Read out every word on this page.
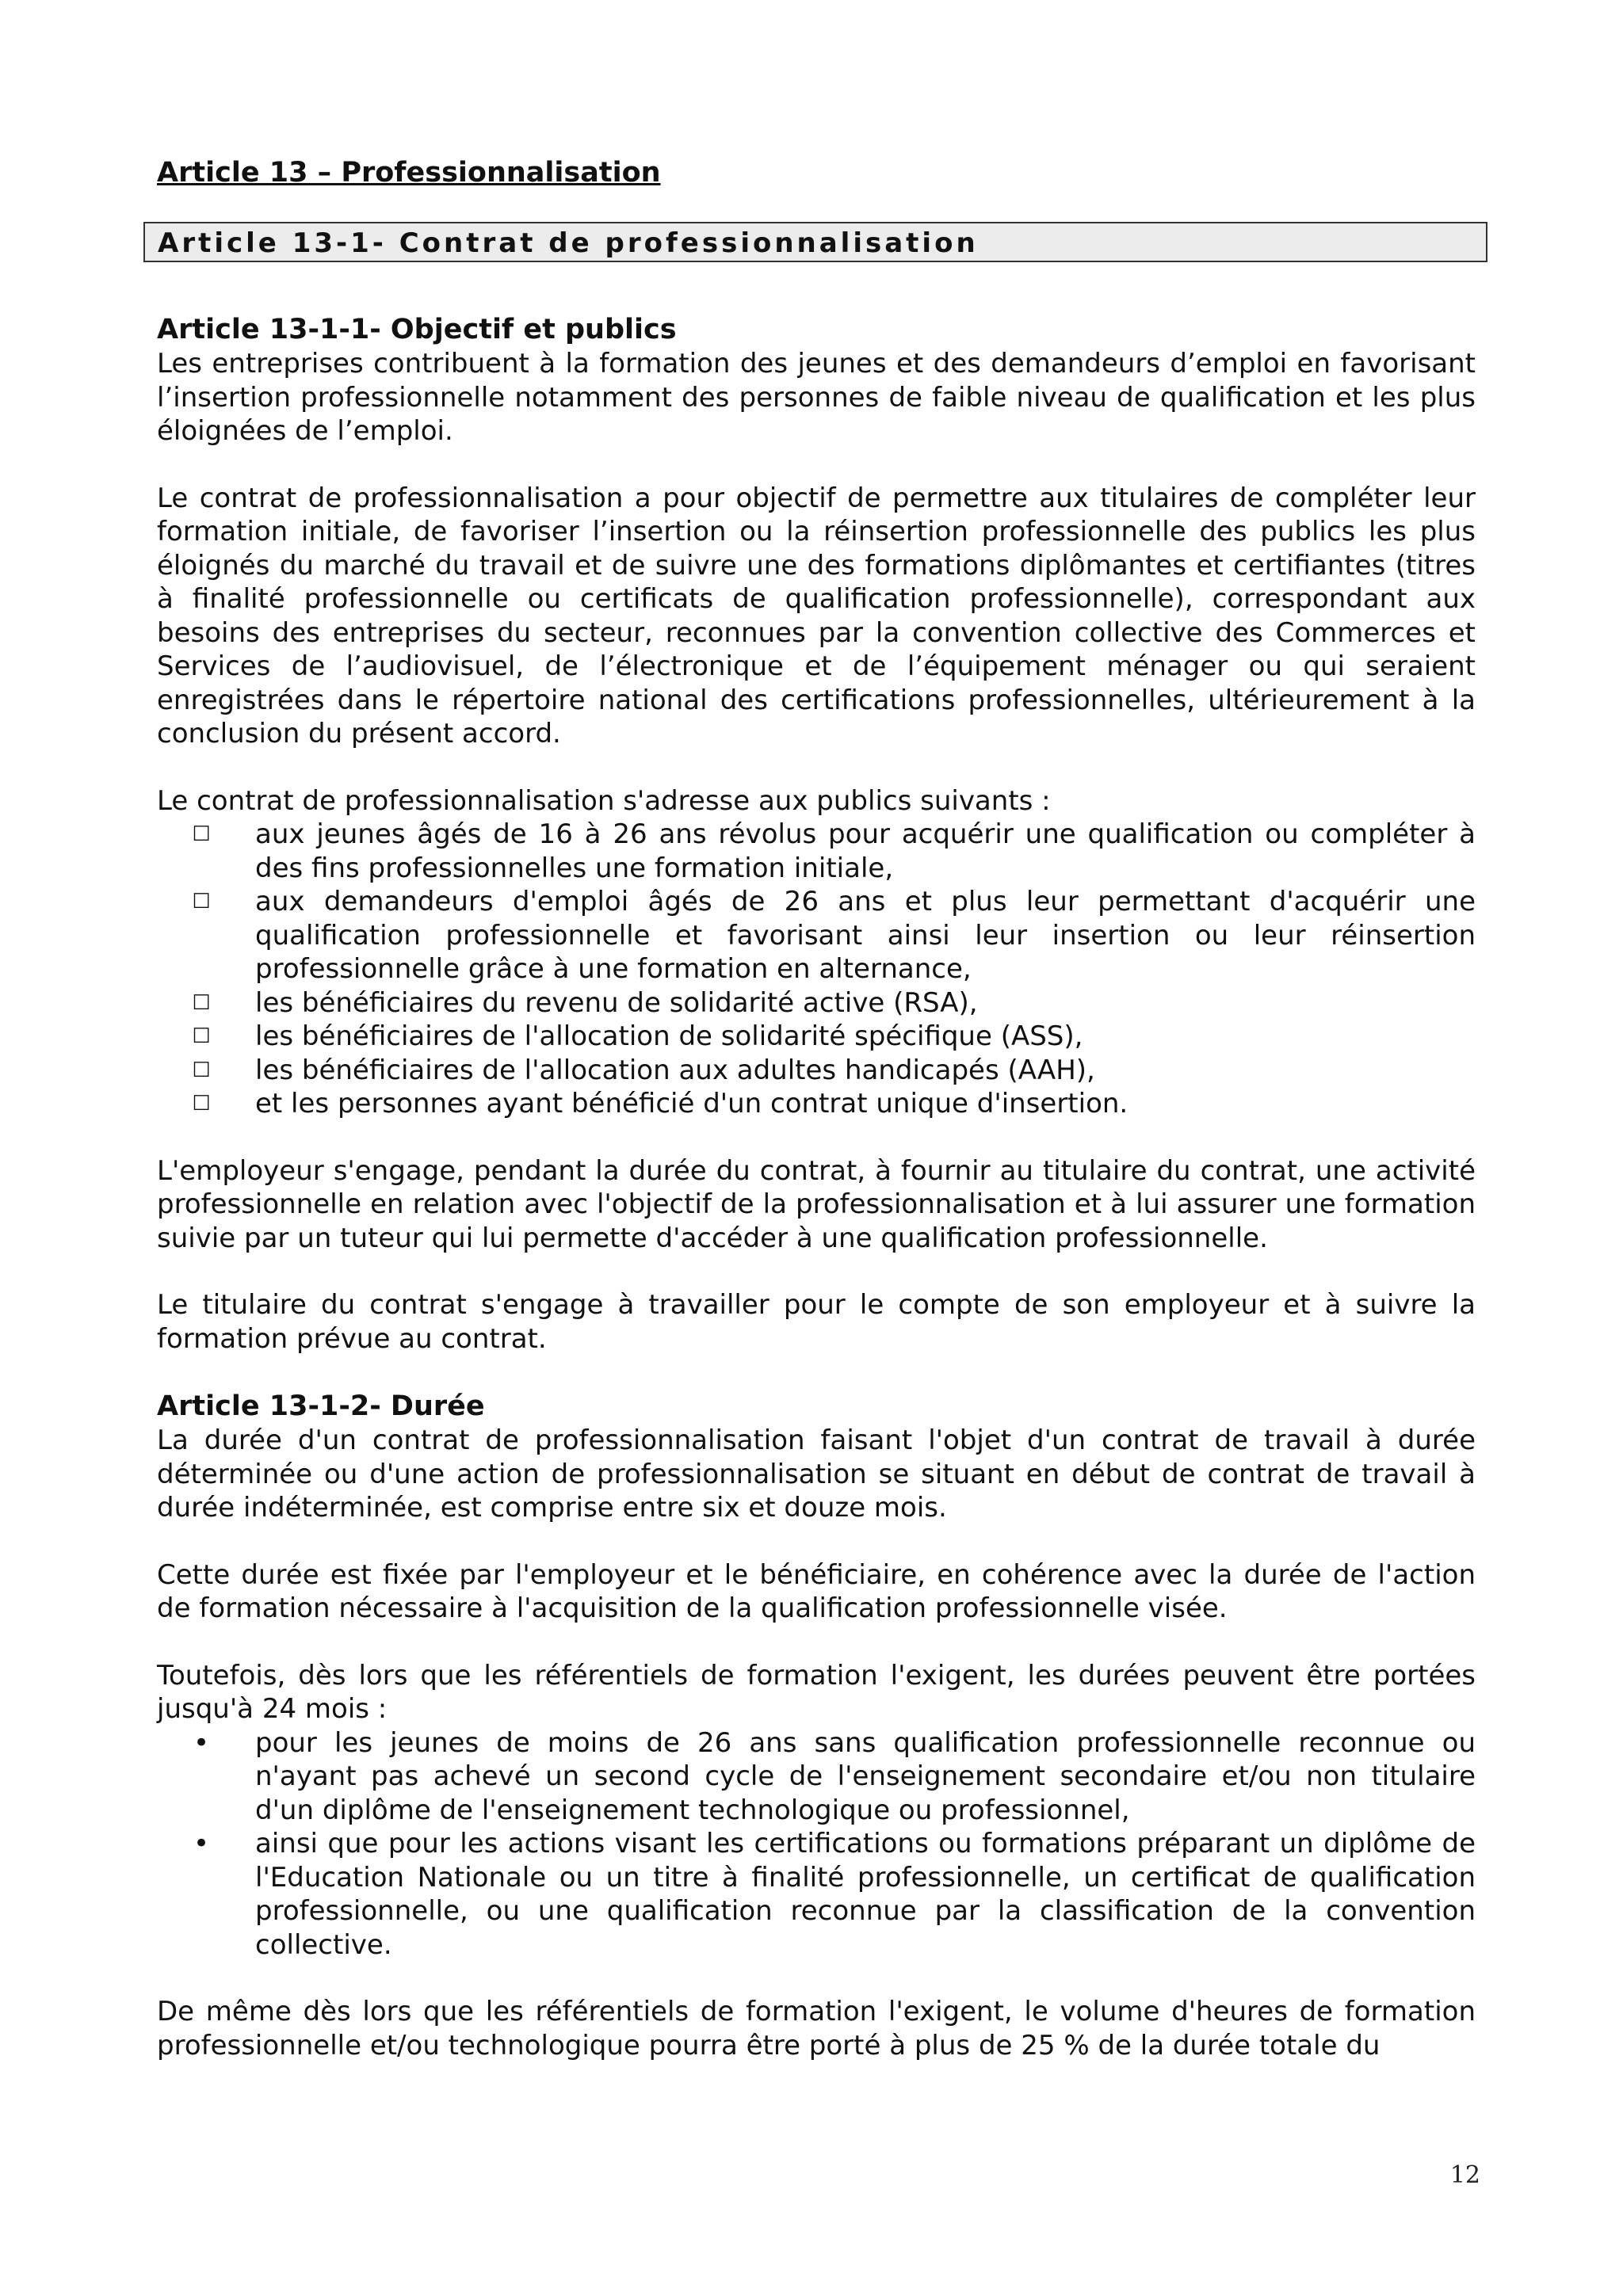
Article 13-1- Contrat de professionnalisation
Article 13 – Professionnalisation
Article 13-1-1- Objectif et publics

Les entreprises contribuent à la formation des jeunes et des demandeurs d’emploi en favorisant l’insertion professionnelle notamment des personnes de faible niveau de qualification et les plus éloignées de l’emploi.

Le contrat de professionnalisation a pour objectif de permettre aux titulaires de compléter leur formation initiale, de favoriser l’insertion ou la réinsertion professionnelle des publics les plus éloignés du marché du travail et de suivre une des formations diplômantes et certifiantes (titres à finalité professionnelle ou certificats de qualification professionnelle), correspondant aux besoins des entreprises du secteur, reconnues par la convention collective des Commerces et Services de l’audiovisuel, de l’électronique et de l’équipement ménager ou qui seraient enregistrées dans le répertoire national des certifications professionnelles, ultérieurement à la conclusion du présent accord.

Le contrat de professionnalisation s'adresse aux publics suivants :

☐ aux jeunes âgés de 16 à 26 ans révolus pour acquérir une qualification ou compléter à des fins professionnelles une formation initiale,
☐ aux demandeurs d'emploi âgés de 26 ans et plus leur permettant d'acquérir une qualification professionnelle et favorisant ainsi leur insertion ou leur réinsertion professionnelle grâce à une formation en alternance,
☐ les bénéficiaires du revenu de solidarité active (RSA),
☐ les bénéficiaires de l'allocation de solidarité spécifique (ASS),
☐ les bénéficiaires de l'allocation aux adultes handicapés (AAH),
☐ et les personnes ayant bénéficié d'un contrat unique d'insertion.

L'employeur s'engage, pendant la durée du contrat, à fournir au titulaire du contrat, une activité professionnelle en relation avec l'objectif de la professionnalisation et à lui assurer une formation suivie par un tuteur qui lui permette d'accéder à une qualification professionnelle.

Le titulaire du contrat s'engage à travailler pour le compte de son employeur et à suivre la formation prévue au contrat.

Article 13-1-2- Durée

La durée d'un contrat de professionnalisation faisant l'objet d'un contrat de travail à durée déterminée ou d'une action de professionnalisation se situant en début de contrat de travail à durée indéterminée, est comprise entre six et douze mois.

Cette durée est fixée par l'employeur et le bénéficiaire, en cohérence avec la durée de l'action de formation nécessaire à l'acquisition de la qualification professionnelle visée.

Toutefois, dès lors que les référentiels de formation l'exigent, les durées peuvent être portées jusqu'à 24 mois :

• pour les jeunes de moins de 26 ans sans qualification professionnelle reconnue ou n'ayant pas achevé un second cycle de l'enseignement secondaire et/ou non titulaire d'un diplôme de l'enseignement technologique ou professionnel,
• ainsi que pour les actions visant les certifications ou formations préparant un diplôme de l'Education Nationale ou un titre à finalité professionnelle, un certificat de qualification professionnelle, ou une qualification reconnue par la classification de la convention collective.

De même dès lors que les référentiels de formation l'exigent, le volume d'heures de formation professionnelle et/ou technologique pourra être porté à plus de 25 % de la durée totale du

12
